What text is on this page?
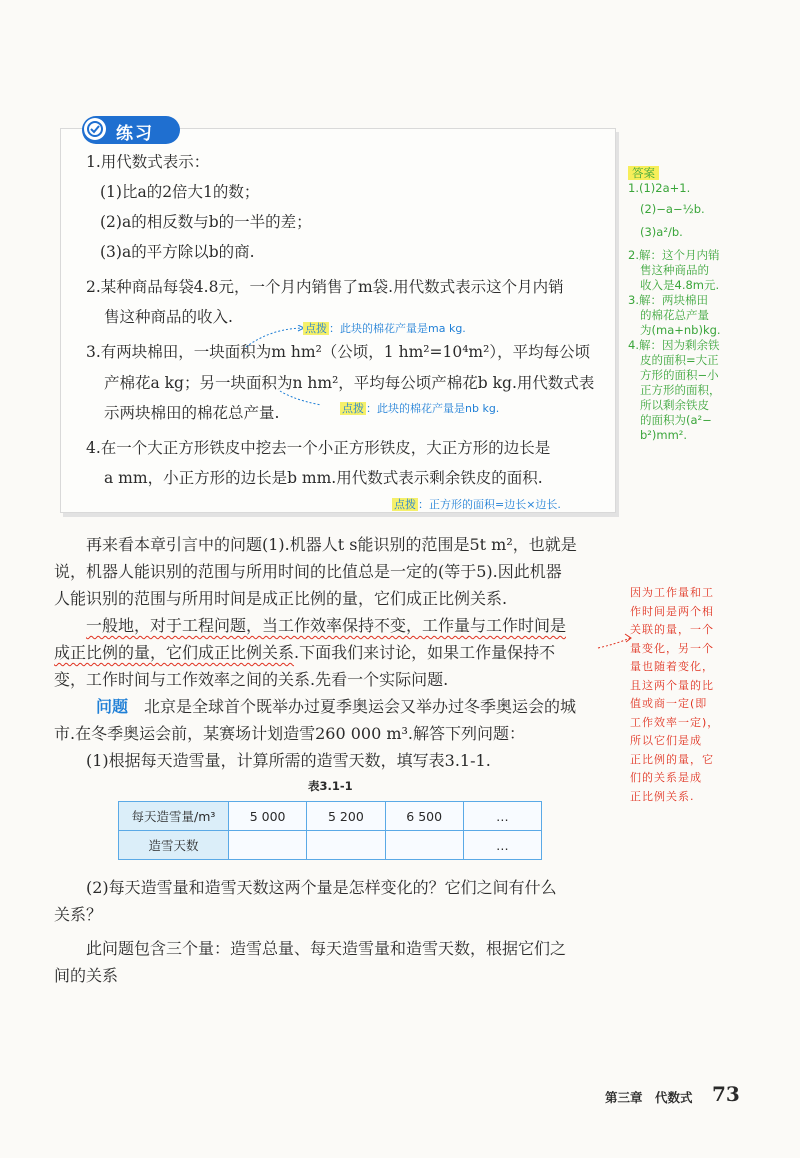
练习
1.用代数式表示：
(1)比a的2倍大1的数；
(2)a的相反数与b的一半的差；
(3)a的平方除以b的商.
2.某种商品每袋4.8元，一个月内销售了m袋.用代数式表示这个月内销
售这种商品的收入.
3.有两块棉田，一块面积为m hm²（公顷，1 hm²=10⁴m²），平均每公顷
产棉花a kg；另一块面积为n hm²，平均每公顷产棉花b kg.用代数式表
示两块棉田的棉花总产量.
4.在一个大正方形铁皮中挖去一个小正方形铁皮，大正方形的边长是
a mm，小正方形的边长是b mm.用代数式表示剩余铁皮的面积.
点拨 ：此块的棉花产量是ma kg.
点拨 ：此块的棉花产量是nb kg.
点拨 ：正方形的面积=边长×边长.
答案
1.(1)2a+1.
(2)−a−½b.
(3)a²/b.
2.解：这个月内销
售这种商品的
收入是4.8m元.
3.解：两块棉田
的棉花总产量
为(ma+nb)kg.
4.解：因为剩余铁
皮的面积=大正
方形的面积−小
正方形的面积，
所以剩余铁皮
的面积为(a²−
b²)mm².
再来看本章引言中的问题(1).机器人t s能识别的范围是5t m²，也就是
说，机器人能识别的范围与所用时间的比值总是一定的(等于5).因此机器
人能识别的范围与所用时间是成正比例的量，它们成正比例关系.
一般地，对于工程问题，当工作效率保持不变，工作量与工作时间是
成正比例的量，它们成正比例关系.下面我们来讨论，如果工作量保持不
变，工作时间与工作效率之间的关系.先看一个实际问题.
问题　 北京是全球首个既举办过夏季奥运会又举办过冬季奥运会的城
市.在冬季奥运会前，某赛场计划造雪260 000 m³.解答下列问题：
(1)根据每天造雪量，计算所需的造雪天数，填写表3.1-1.
表3.1-1
每天造雪量/m³	5 000	5 200	6 500	…
造雪天数				…
(2)每天造雪量和造雪天数这两个量是怎样变化的？它们之间有什么
关系？
此问题包含三个量：造雪总量、每天造雪量和造雪天数，根据它们之
间的关系
因为工作量和工
作时间是两个相
关联的量，一个
量变化，另一个
量也随着变化，
且这两个量的比
值或商一定(即
工作效率一定)，
所以它们是成
正比例的量，它
们的关系是成
正比例关系.
第三章　代数式 73
